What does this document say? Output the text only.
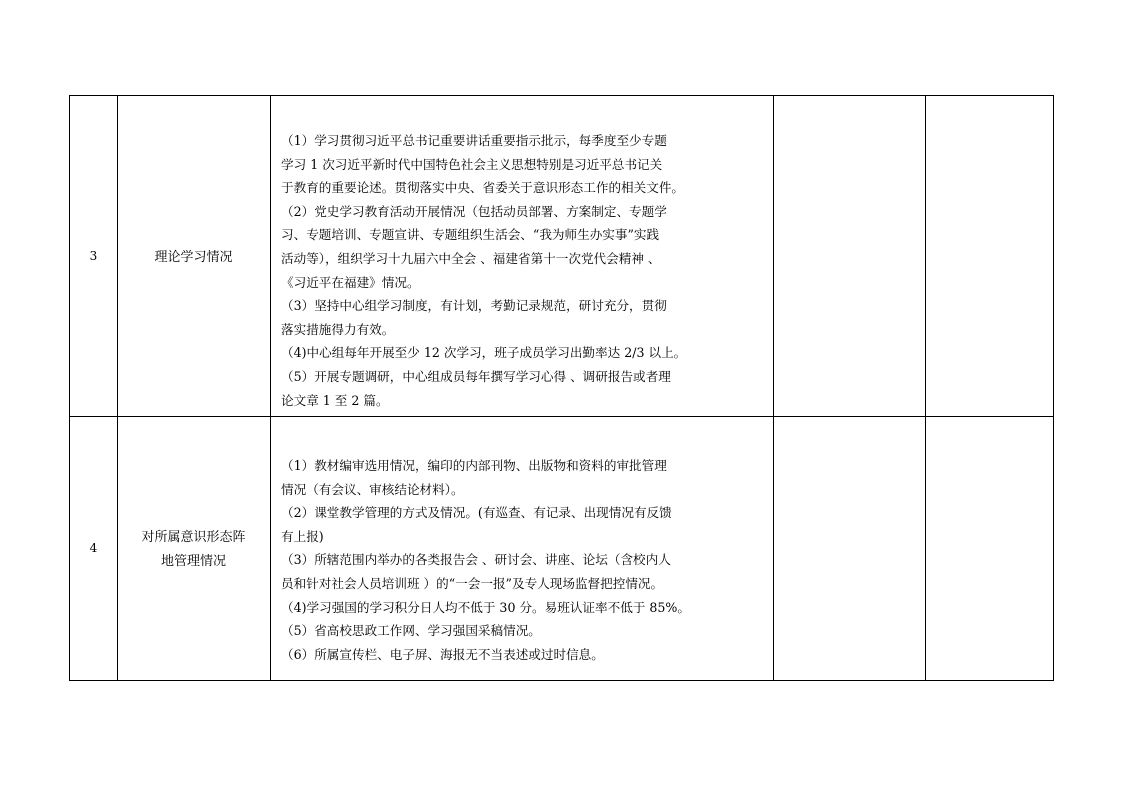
3	理论学习情况
（1）学习贯彻习近平总书记重要讲话重要指示批示，每季度至少专题
学习 1 次习近平新时代中国特色社会主义思想特别是习近平总书记关
于教育的重要论述。贯彻落实中央、省委关于意识形态工作的相关文件。
（2）党史学习教育活动开展情况（包括动员部署、方案制定、专题学
习、专题培训、专题宣讲、专题组织生活会、“我为师生办实事”实践
活动等），组织学习十九届六中全会 、福建省第十一次党代会精神 、
《习近平在福建》情况。
（3）坚持中心组学习制度，有计划，考勤记录规范，研讨充分，贯彻
落实措施得力有效。
（4)中心组每年开展至少 12 次学习，班子成员学习出勤率达 2/3 以上。
（5）开展专题调研，中心组成员每年撰写学习心得 、调研报告或者理
论文章 1 至 2 篇。
4
对所属意识形态阵
地管理情况
（1）教材编审选用情况，编印的内部刊物、出版物和资料的审批管理
情况（有会议、审核结论材料）。
（2）课堂教学管理的方式及情况。(有巡查、有记录、出现情况有反馈
有上报)
（3）所辖范围内举办的各类报告会 、研讨会、讲座、论坛（含校内人
员和针对社会人员培训班 ）的“一会一报”及专人现场监督把控情况。
（4)学习强国的学习积分日人均不低于 30 分。易班认证率不低于 85%。
（5）省高校思政工作网、学习强国采稿情况。
（6）所属宣传栏、电子屏、海报无不当表述或过时信息。
